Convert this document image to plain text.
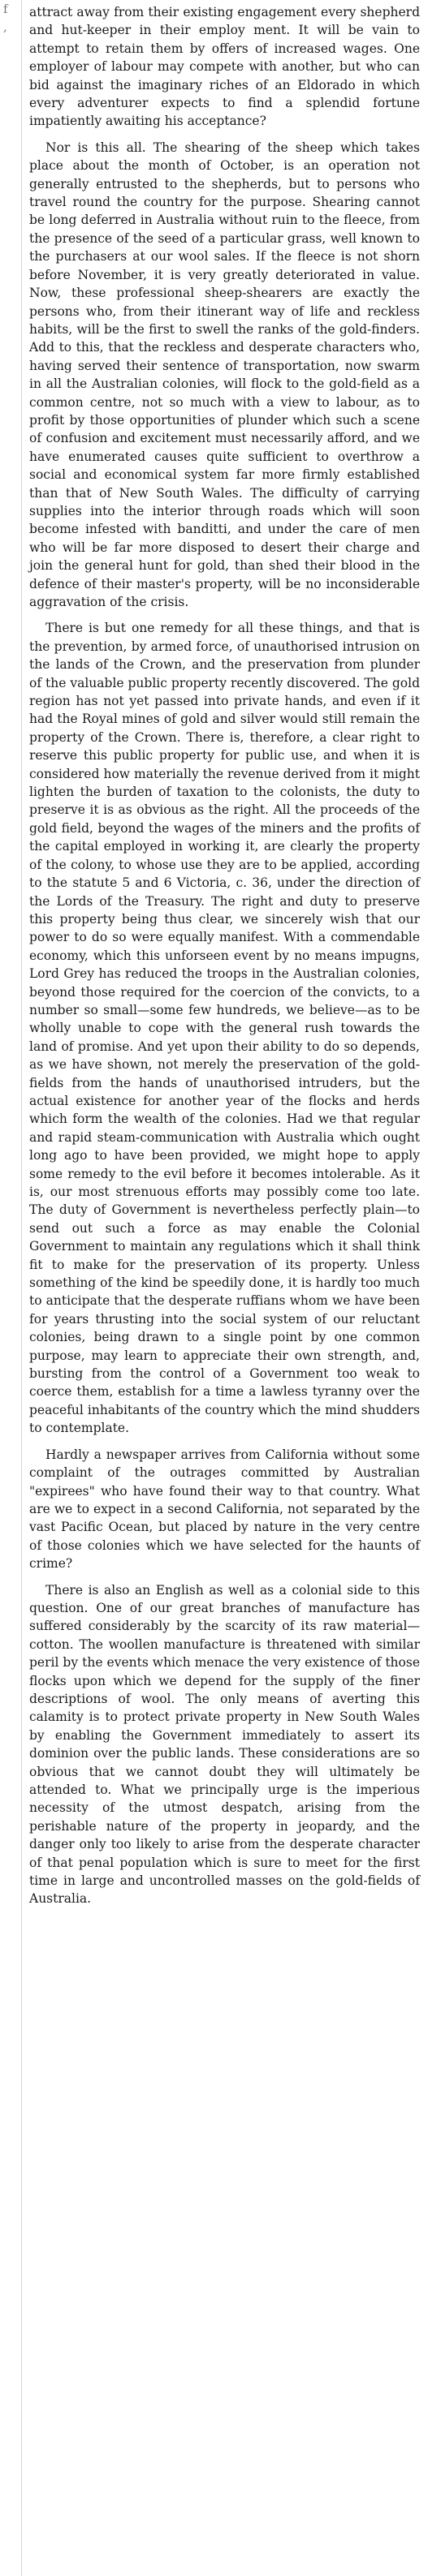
f
,

attract away from their existing engagement every shepherd and hut-keeper in their employ ment. It will be vain to attempt to retain them by offers of increased wages. One employer of labour may compete with another, but who can bid against the imaginary riches of an Eldorado in which every adventurer expects to find a splendid fortune impatiently awaiting his acceptance?

Nor is this all. The shearing of the sheep which takes place about the month of October, is an operation not generally entrusted to the shepherds, but to persons who travel round the country for the purpose. Shearing cannot be long deferred in Australia without ruin to the fleece, from the presence of the seed of a particular grass, well known to the purchasers at our wool sales. If the fleece is not shorn before November, it is very greatly deteriorated in value. Now, these professional sheep-shearers are exactly the persons who, from their itinerant way of life and reckless habits, will be the first to swell the ranks of the gold-finders. Add to this, that the reckless and desperate characters who, having served their sentence of transportation, now swarm in all the Australian colonies, will flock to the gold-field as a common centre, not so much with a view to labour, as to profit by those opportunities of plunder which such a scene of confusion and excitement must necessarily afford, and we have enumerated causes quite sufficient to overthrow a social and economical system far more firmly established than that of New South Wales. The difficulty of carrying supplies into the interior through roads which will soon become infested with banditti, and under the care of men who will be far more disposed to desert their charge and join the general hunt for gold, than shed their blood in the defence of their master's property, will be no inconsiderable aggravation of the crisis.

There is but one remedy for all these things, and that is the prevention, by armed force, of unauthorised intrusion on the lands of the Crown, and the preservation from plunder of the valuable public property recently discovered. The gold region has not yet passed into private hands, and even if it had the Royal mines of gold and silver would still remain the property of the Crown. There is, therefore, a clear right to reserve this public property for public use, and when it is considered how materially the revenue derived from it might lighten the burden of taxation to the colonists, the duty to preserve it is as obvious as the right. All the proceeds of the gold field, beyond the wages of the miners and the profits of the capital employed in working it, are clearly the property of the colony, to whose use they are to be applied, according to the statute 5 and 6 Victoria, c. 36, under the direction of the Lords of the Treasury. The right and duty to preserve this property being thus clear, we sincerely wish that our power to do so were equally manifest. With a commendable economy, which this unforseen event by no means impugns, Lord Grey has reduced the troops in the Australian colonies, beyond those required for the coercion of the convicts, to a number so small—some few hundreds, we believe—as to be wholly unable to cope with the general rush towards the land of promise. And yet upon their ability to do so depends, as we have shown, not merely the preservation of the gold-fields from the hands of unauthorised intruders, but the actual existence for another year of the flocks and herds which form the wealth of the colonies. Had we that regular and rapid steam-communication with Australia which ought long ago to have been provided, we might hope to apply some remedy to the evil before it becomes intolerable. As it is, our most strenuous efforts may possibly come too late. The duty of Government is nevertheless perfectly plain—to send out such a force as may enable the Colonial Government to maintain any regulations which it shall think fit to make for the preservation of its property. Unless something of the kind be speedily done, it is hardly too much to anticipate that the desperate ruffians whom we have been for years thrusting into the social system of our reluctant colonies, being drawn to a single point by one common purpose, may learn to appreciate their own strength, and, bursting from the control of a Government too weak to coerce them, establish for a time a lawless tyranny over the peaceful inhabitants of the country which the mind shudders to contemplate.

Hardly a newspaper arrives from California without some complaint of the outrages committed by Australian "expirees" who have found their way to that country. What are we to expect in a second California, not separated by the vast Pacific Ocean, but placed by nature in the very centre of those colonies which we have selected for the haunts of crime?

There is also an English as well as a colonial side to this question. One of our great branches of manufacture has suffered considerably by the scarcity of its raw material—cotton. The woollen manufacture is threatened with similar peril by the events which menace the very existence of those flocks upon which we depend for the supply of the finer descriptions of wool. The only means of averting this calamity is to protect private property in New South Wales by enabling the Government immediately to assert its dominion over the public lands. These considerations are so obvious that we cannot doubt they will ultimately be attended to. What we principally urge is the imperious necessity of the utmost despatch, arising from the perishable nature of the property in jeopardy, and the danger only too likely to arise from the desperate character of that penal population which is sure to meet for the first time in large and uncontrolled masses on the gold-fields of Australia.
